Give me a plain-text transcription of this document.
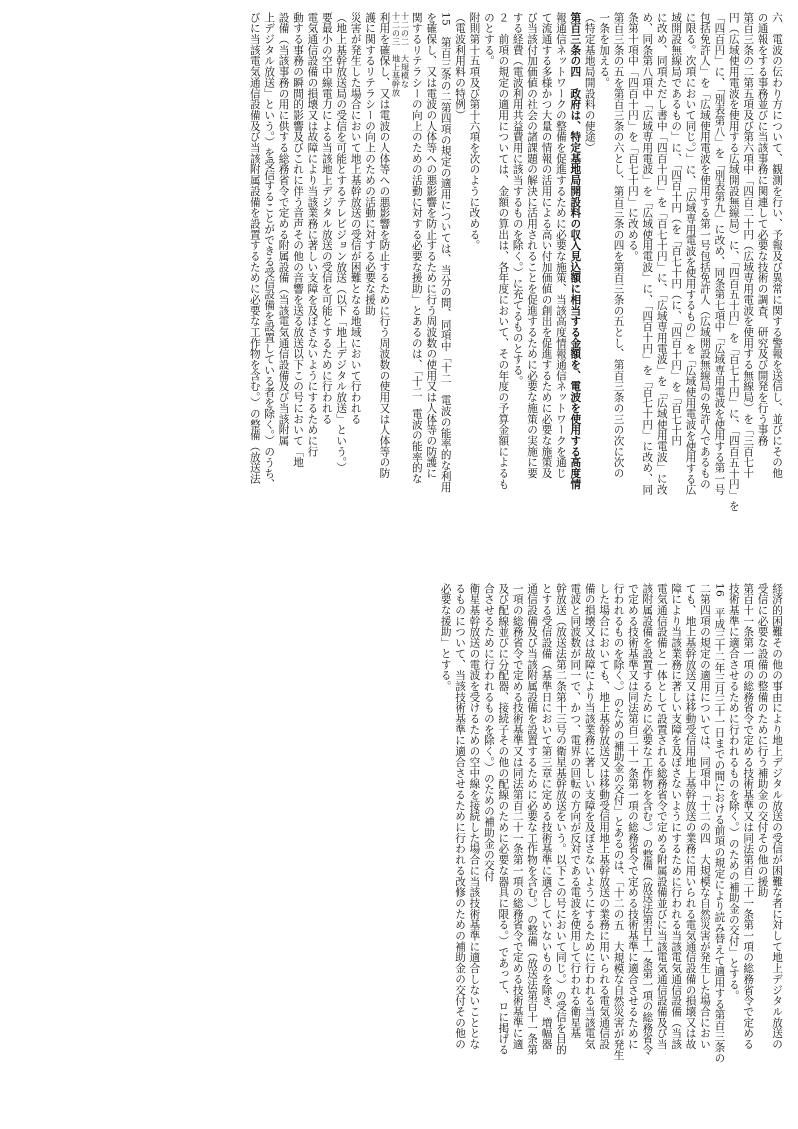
六　電波の伝わり方について、観測を行い、予報及び異常に関する警報を送信し、並びにその他
の通報をする事務並びに当該事務に関連して必要な技術の調査、研究及び開発を行う事務
第百三条の二第五項及び第六項中「四百二十円（広域専用電波を使用する無線局）を「三百七十
円（広域使用電波を使用する広域開設無線局）に、「四百五十円」を「百七十円」に、「四百五十円」を
「四百円」に、「別表第八」を「別表第九」に改め、同条第七項中「広域専用電波を使用する第一号
包括免許人」を「広域使用電波を使用する第一号包括免許人（広域開設無線局の免許人であるもの
に限る。次項において同じ。）」に、「広域専用電波を使用するもの」を「広域使用電波を使用する広
域開設無線局であるもの」に、「四百十円（を「百七十円（に、「四百十円」を「百七十円
に改め、同項ただし書中「四百十円」を「百七十円」に、「広域専用電波」を「広域使用電波」に改
め、同条第八項中「広域専用電波」を「広域使用電波」に、「四百十円」を「百七十円」に改め、同
条第十項中「四百十円」を「百七十円」に改める。
第百三条の五を第百三条の六とし、第百三条の四を第百三条の五とし、第百三条の三の次に次の
一条を加える。
（特定基地局開設料の使途）
第百三条の四　政府は、特定基地局開設料の収入見込額に相当する金額を、電波を使用する高度情
報通信ネットワークの整備を促進するために必要な施策、当該高度情報通信ネットワークを通じ
て流通する多様かつ大量の情報の活用による高い付加価値の創出を促進するために必要な施策及
び当該付加価値の社会の諸課題の解決に活用されることを促進するために必要な施策の実施に要
する経費（電波利用共益費用に該当するものを除く。）に充てるものとする。
２　前項の規定の適用については、金額の算出は、各年度において、その年度の予算金額によるも
のとする。
附則第十五項及び第十六項を次のように改める。
（電波利用料の特例）
15　第百三条の二第四項の規定の適用については、当分の間、同項中「十二　電波の能率的な利用
を確保し、又は電波の人体等への悪影響を防止するために行う周波数の使用又は人体等の防護に
関するリテラシーの向上のための活動に対する必要な援助」とあるのは、「十二　電波の能率的な
十二の二　大規模な
十二の三　地上基幹放
利用を確保し、又は電波の人体等への悪影響を防止するために行う周波数の使用又は人体等の防
護に関するリテラシーの向上のための活動に対する必要な援助
災害が発生した場合において地上基幹放送の受信が困難となる地域において行われる
（地上基幹放送局の受信を可能とするテレビジョン放送（以下「地上デジタル放送」という。）
要最小の空中線電力による当該地上デジタル放送の受信を可能とするために行われる
電気通信設備の損壊又は故障により当該業務に著しい支障を及ぼさないようにするために行
動する事務の瞬間的影響及びこれに伴う音声その他の音響を送る放送以下この号において「地
設備（当該事務の用に供する総務省令で定める附属設備（当該電気通信設備及び当該附属
上デジタル放送」という。）を受信することができる受信設備を設置している者を除く。）のうち、
びに当該電気通信設備及び当該附属設備を設置するために必要な工作物を含む。）の整備（放送法
経済的困難その他の事由により地上デジタル放送の受信が困難な者に対して地上デジタル放送の
受信に必要な設備の整備のために行う補助金の交付その他の援助
第百十一条第一項の総務省令で定める技術基準又は同法第百二十一条第一項の総務省令で定める
技術基準に適合させるために行われるものを除く。）のための補助金の交付」とする。
16　平成三十二年三月三十一日までの間における前項の規定により読み替えて適用する第百三条の
二第四項の規定の適用については、同項中「十二の四　大規模な自然災害が発生した場合におい
ても、地上基幹放送又は移動受信用地上基幹放送の業務に用いられる電気通信設備の損壊又は故
障により当該業務に著しい支障を及ぼさないようにするために行われる当該電気通信設備（当該
電気通信設備と一体として設置される総務省令で定める附属設備並びに当該電気通信設備及び当
該附属設備を設置するために必要な工作物を含む。）の整備（放送法第百十一条第一項の総務省令
で定める技術基準又は同法第百二十一条第一項の総務省令で定める技術基準に適合させるために
行われるものを除く。）のための補助金の交付」とあるのは、「十二の五　大規模な自然災害が発生
した場合においても、地上基幹放送又は移動受信用地上基幹放送の業務に用いられる電気通信設
備の損壊又は故障により当該業務に著しい支障を及ぼさないようにするために行われる当該電気
電波と同波数が同一で、かつ、電界の回転の方向が反対である電波を使用して行われる衛星基
幹放送（放送法第二条第十三号の衛星基幹放送をいう。以下この号において同じ。）の受信を目的
とする受信設備（基準日において第三章に定める技術基準に適合していないものを除き、増幅器
通信設備及び当該附属設備を設置するために必要な工作物を含む。）の整備（放送法第百十一条第
一項の総務省令で定める技術基準又は同法第百二十一条第一項の総務省令で定める技術基準に適
及び配線並びに分配器、接続子その他の配線のために必要な器具に限る。）であって、ロに掲げる
合させるために行われるものを除く。）のための補助金の交付
衛星基幹放送の電波を受けるための空中線を接続した場合に当該技術基準に適合しないこととな
るものについて、当該技術基準に適合させるために行われる改修のための補助金の交付その他の
必要な援助」とする。
